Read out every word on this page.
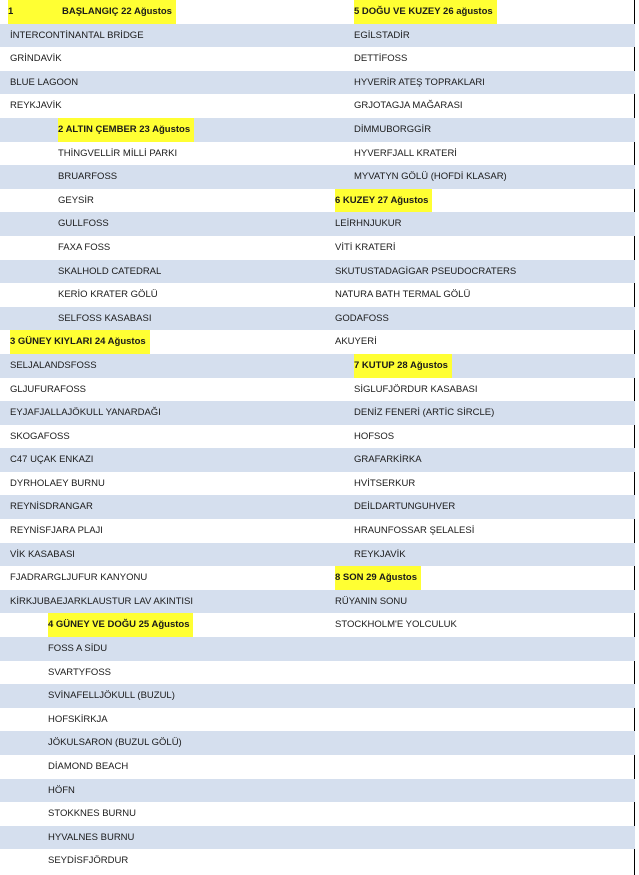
1	BAŞLANGIÇ 22 Ağustos	5 DOĞU VE KUZEY 26 ağustos
İNTERCONTİNANTAL BRİDGE	EGİLSTADİR
GRİNDAVİK	DETTİFOSS
BLUE LAGOON	HYVERİR ATEŞ TOPRAKLARI
REYKJAVİK	GRJOTAGJA MAĞARASI
2 ALTIN ÇEMBER 23 Ağustos	DİMMUBORGGİR
THİNGVELLİR MİLLİ PARKI	HYVERFJALL KRATERİ
BRUARFOSS	MYVATYN GÖLÜ (HOFDİ KLASAR)
GEYSİR	6 KUZEY 27 Ağustos
GULLFOSS	LEİRHNJUKUR
FAXA FOSS	VİTİ KRATERİ
SKALHOLD CATEDRAL	SKUTUSTADAGİGAR PSEUDOCRATERS
KERİO KRATER GÖLÜ	NATURA BATH TERMAL GÖLÜ
SELFOSS KASABASI	GODAFOSS
3 GÜNEY KIYLARI 24 Ağustos	AKUYERİ
SELJALANDSFOSS	7 KUTUP 28 Ağustos
GLJUFURAFOSS	SİGLUFJÖRDUR KASABASI
EYJAFJALLAJÖKULL YANARDAĞI	DENİZ FENERİ (ARTİC SİRCLE)
SKOGAFOSS	HOFSOS
C47 UÇAK ENKAZI	GRAFARKİRKA
DYRHOLAEY BURNU	HVİTSERKUR
REYNİSDRANGAR	DEİLDARTUNGUHVER
REYNİSFJARA PLAJI	HRAUNFOSSAR ŞELALESİ
VİK KASABASI	REYKJAVİK
FJADRARGLJUFUR KANYONU	8 SON 29 Ağustos
KİRKJUBAEJARKLAUSTUR LAV AKINTISI	RÜYANIN SONU
4 GÜNEY VE DOĞU 25 Ağustos	STOCKHOLM'E YOLCULUK
FOSS A SİDU
SVARTYFOSS
SVİNAFELLJÖKULL (BUZUL)
HOFSKİRKJA
JÖKULSARON (BUZUL GÖLÜ)
DİAMOND BEACH
HÖFN
STOKKNES BURNU
HYVALNES BURNU
SEYDİSFJÖRDUR
